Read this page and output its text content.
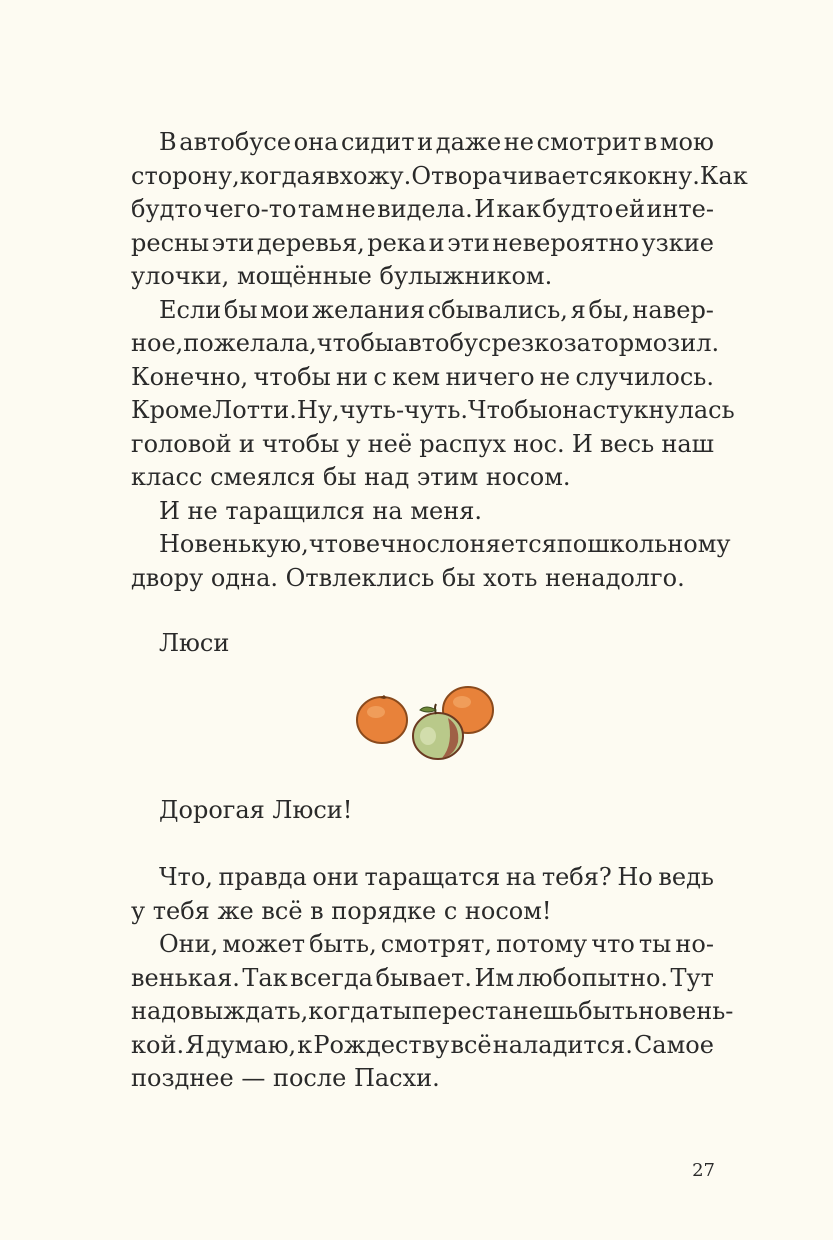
В автобусе она сидит и даже не смотрит в мою
сторону, когда я вхожу. Отворачивается к окну. Как
будто чего-то там не видела. И как будто ей инте-
ресны эти деревья, река и эти невероятно узкие
улочки, мощённые булыжником.
Если бы мои желания сбывались, я бы, навер-
ное, пожелала, чтобы автобус резко затормозил.
Конечно, чтобы ни с кем ничего не случилось.
Кроме Лотти. Ну, чуть-чуть. Чтобы она стукнулась
головой и чтобы у неё распух нос. И весь наш
класс смеялся бы над этим носом.
И не таращился на меня.
Новенькую, что вечно слоняется по школьному
двору одна. Отвлеклись бы хоть ненадолго.
Люси
Дорогая Люси!
Что, правда они таращатся на тебя? Но ведь
у тебя же всё в порядке с носом!
Они, может быть, смотрят, потому что ты но-
венькая. Так всегда бывает. Им любопытно. Тут
надо выждать, когда ты перестанешь быть новень-
кой. Я думаю, к Рождеству всё наладится. Самое
позднее — после Пасхи.
27
